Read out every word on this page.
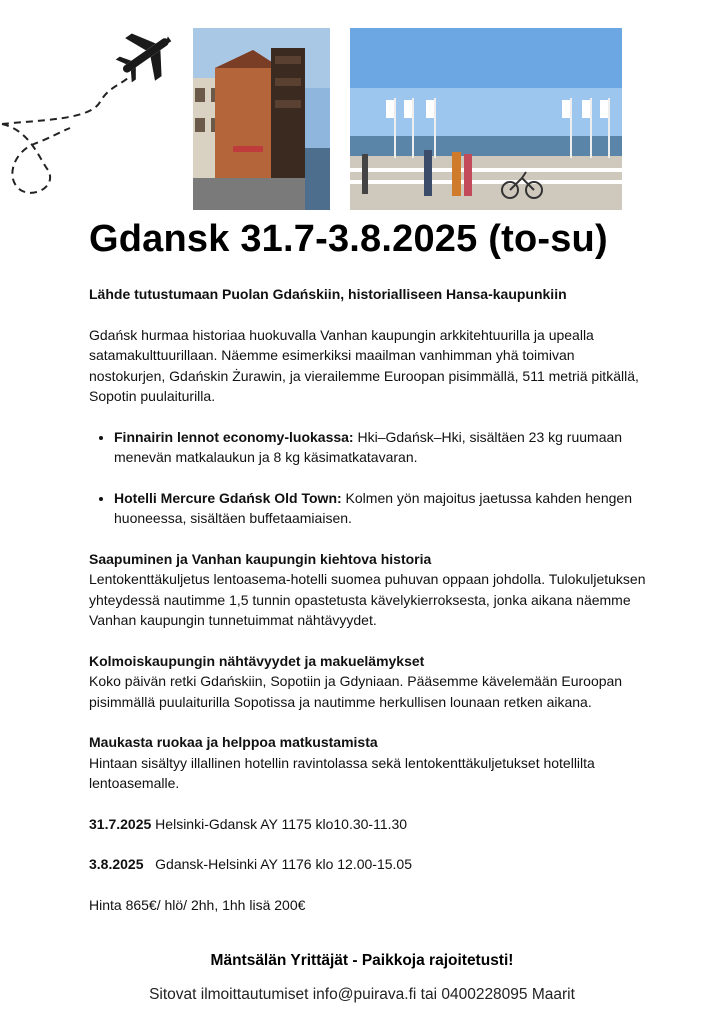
Gdansk 31.7-3.8.2025 (to-su)

Lähde tutustumaan Puolan Gdańskiin, historialliseen Hansa-kaupunkiin

Gdańsk hurmaa historiaa huokuvalla Vanhan kaupungin arkkitehtuurilla ja upealla satamakulttuurillaan. Näemme esimerkiksi maailman vanhimman yhä toimivan nostokurjen, Gdańskin Żurawin, ja vierailemme Euroopan pisimmällä, 511 metriä pitkällä, Sopotin puulaiturilla.

• Finnairin lennot economy-luokassa: Hki–Gdańsk–Hki, sisältäen 23 kg ruumaan menevän matkalaukun ja 8 kg käsimatkatavaran.
• Hotelli Mercure Gdańsk Old Town: Kolmen yön majoitus jaetussa kahden hengen huoneessa, sisältäen buffetaamiaisen.

Saapuminen ja Vanhan kaupungin kiehtova historia

Lentokenttäkuljetus lentoasema-hotelli suomea puhuvan oppaan johdolla. Tulokuljetuksen yhteydessä nautimme 1,5 tunnin opastetusta kävelykierroksesta, jonka aikana näemme Vanhan kaupungin tunnetuimmat nähtävyydet.

Kolmoiskaupungin nähtävyydet ja makuelämykset

Koko päivän retki Gdańskiin, Sopotiin ja Gdyniaan. Pääsemme kävelemään Euroopan pisimmällä puulaiturilla Sopotissa ja nautimme herkullisen lounaan retken aikana.

Maukasta ruokaa ja helppoa matkustamista

Hintaan sisältyy illallinen hotellin ravintolassa sekä lentokenttäkuljetukset hotellilta lentoasemalle.

31.7.2025 Helsinki-Gdansk AY 1175 klo10.30-11.30

3.8.2025   Gdansk-Helsinki AY 1176 klo 12.00-15.05

Hinta 865€/ hlö/ 2hh, 1hh lisä 200€

Mäntsälän Yrittäjät - Paikkoja rajoitetusti!
Sitovat ilmoittautumiset info@puirava.fi tai 0400228095 Maarit
